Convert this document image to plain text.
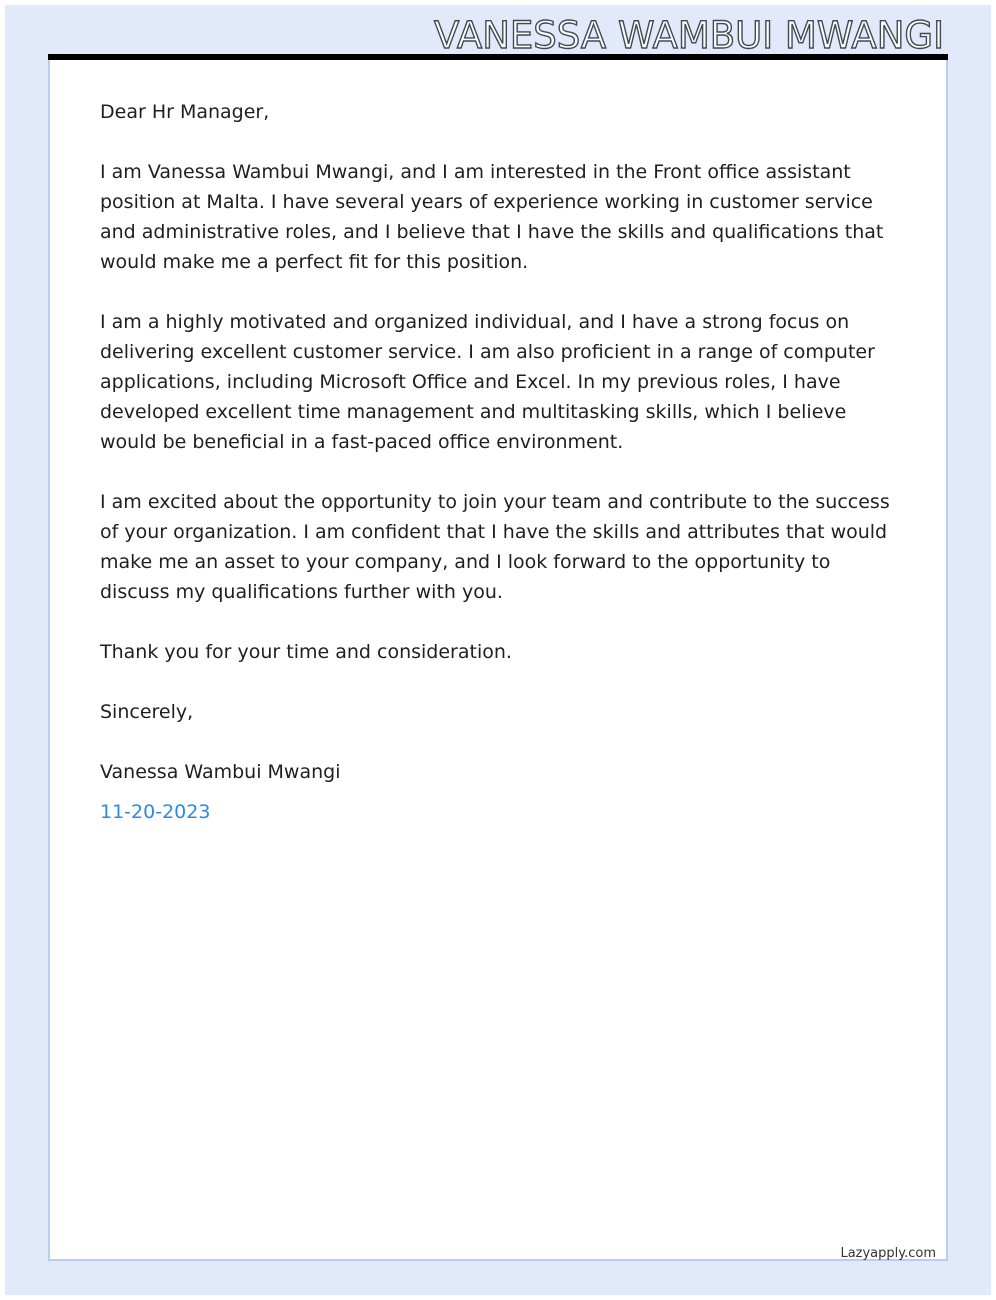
VANESSA WAMBUI MWANGI

Dear Hr Manager,

I am Vanessa Wambui Mwangi, and I am interested in the Front office assistant position at Malta. I have several years of experience working in customer service and administrative roles, and I believe that I have the skills and qualifications that would make me a perfect fit for this position.

I am a highly motivated and organized individual, and I have a strong focus on delivering excellent customer service. I am also proficient in a range of computer applications, including Microsoft Office and Excel. In my previous roles, I have developed excellent time management and multitasking skills, which I believe would be beneficial in a fast-paced office environment.

I am excited about the opportunity to join your team and contribute to the success of your organization. I am confident that I have the skills and attributes that would make me an asset to your company, and I look forward to the opportunity to discuss my qualifications further with you.

Thank you for your time and consideration.

Sincerely,

Vanessa Wambui Mwangi

11-20-2023

Lazyapply.com
